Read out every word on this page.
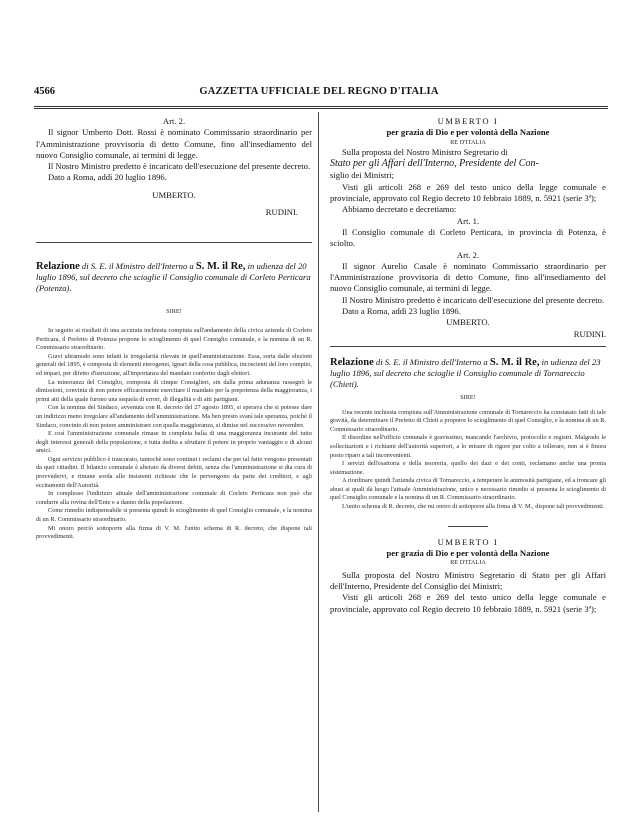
4566	GAZZETTA UFFICIALE DEL REGNO D'ITALIA

Art. 2.

Il signor Umberto Dott. Rossi è nominato Commissario straordinario per l'Amministrazione provvisoria di detto Comune, fino all'insediamento del nuovo Consiglio comunale, ai termini di legge.

Il Nostro Ministro predetto è incaricato dell'esecuzione del presente decreto.

Dato a Roma, addì 20 luglio 1896.

UMBERTO.

RUDINI.

Relazione di S. E. il Ministro dell'Interno a S. M. il Re, in udienza del 20 luglio 1896, sul decreto che scioglie il Consiglio comunale di Corleto Perticara (Potenza).

SIRE!

In seguito ai risultati di una accurata inchiesta compiuta sull'andamento della civica azienda di Corleto Perticara, il Prefetto di Potenza propone lo scioglimento di quel Consiglio comunale, e la nomina di un R. Commissario straordinario.

Gravi ultramodo sono infatti le irregolarità rilevate in quell'amministrazione. Essa, sorta dalle elezioni generali del 1895, è composta di elementi eterogenei, ignari della cosa pubblica, incoscienti del loro compito, ed impari, per difetto d'istruzione, all'importanza del mandato conferito dagli elettori.

La minoranza del Consiglio, composta di cinque Consiglieri, sin dalla prima adunanza rassegnò le dimissioni, convinta di non potere efficacemente esercitare il mandato per la prepotenza della maggioranza, i primi atti della quale furono una sequela di errori, di illegalità e di atti partigiani.

Con la nomina del Sindaco, avvenuta con R. decreto del 27 agosto 1895, si sperava che si potesse dare un indirizzo meno irregolare all'andamento dell'amministrazione. Ma ben presto svanì tale speranza, poichè il Sindaco, convinto di non potere amministrare con quella maggioranza, si dimise nel successivo novembre.

E così l'amministrazione comunale rimase in completa balìa di una maggioranza incurante del tutto degli interessi generali della popolazione, e tutta dedita a sfruttare il potere in proprio vantaggio e di alcuni amici.

Ogni servizio pubblico è trascurato, tantochè sono continui i reclami che per tal fatto vengono presentati da quei cittadini. Il bilancio comunale è alterato da diversi debiti, senza che l'amministrazione si dia cura di provvedervi, e rimane sorda alle insistenti richieste che le pervengono da parte dei creditori, e agli eccitamenti dell'Autorità.

In complesso l'indirizzo attuale dell'amministrazione comunale di Corleto Perticara non può che condurre alla rovina dell'Ente e a danno della popolazione.

Come rimedio indispensabile si presenta quindi lo scioglimento di quel Consiglio comunale, e la nomina di un R. Commissario straordinario.

Mi onoro perciò sottoporre alla firma di V. M. l'unito schema di R. decreto, che dispone tali provvedimenti.

UMBERTO I

per grazia di Dio e per volontà della Nazione

RE D'ITALIA

Sulla proposta del Nostro Ministro Segretario di

Stato per gli Affari dell'Interno, Presidente del Con-

siglio dei Ministri;

Visti gli articoli 268 e 269 del testo unico della legge comunale e provinciale, approvato col Regio decreto 10 febbraio 1889, n. 5921 (serie 3ª);

Abbiamo decretato e decretiamo:

Art. 1.

Il Consiglio comunale di Corleto Perticara, in provincia di Potenza, è sciolto.

Art. 2.

Il signor Aurelio Casale è nominato Commissario straordinario per l'Amministrazione provvisoria di detto Comune, fino all'insediamento del nuovo Consiglio comunale, ai termini di legge.

Il Nostro Ministro predetto è incaricato dell'esecuzione del presente decreto.

Dato a Roma, addì 23 luglio 1896.

UMBERTO.

RUDINI.

Relazione di S. E. il Ministro dell'Interno a S. M. il Re, in udienza del 23 luglio 1896, sul decreto che scioglie il Consiglio comunale di Tornareccio (Chieti).

SIRE!

Una recente inchiesta compiuta sull'Amministrazione comunale di Tornareccio ha constatato fatti di tale gravità, da determinare il Prefetto di Chieti a proporre lo scioglimento di quel Consiglio, e la nomina di un R. Commissario straordinario.

Il disordine nell'ufficio comunale è gravissimo, mancando l'archivio, protocollo e registri. Malgrado le sollecitazioni e i richiami dell'autorità superiori, a lo misure di rigore pur colto a tollerare, non si è finora posto riparo a tali inconvenienti.

I servizi dell'esattoria e della tesoreria, quello dei dazi e dei conti, reclamano anche una pronta sistemazione.

A riordinare quindi l'azienda civica di Tornareccio, a temperare le animosità partigiane, ed a troncare gli abusi ai quali dà luogo l'attuale Amministrazione, unico e necessario rimedio si presenta lo scioglimento di quel Consiglio comunale e la nomina di un R. Commissario straordinario.

L'unito schema di R. decreto, che mi onoro di sottoporre alla firma di V. M., dispone tali provvedimenti.

UMBERTO I

per grazia di Dio e per volontà della Nazione

RE D'ITALIA

Sulla proposta del Nostro Ministro Segretario di Stato per gli Affari dell'Interno, Presidente del Consiglio dei Ministri;

Visti gli articoli 268 e 269 del testo unico della legge comunale e provinciale, approvato col Regio decreto 10 febbraio 1889, n. 5921 (serie 3ª);
